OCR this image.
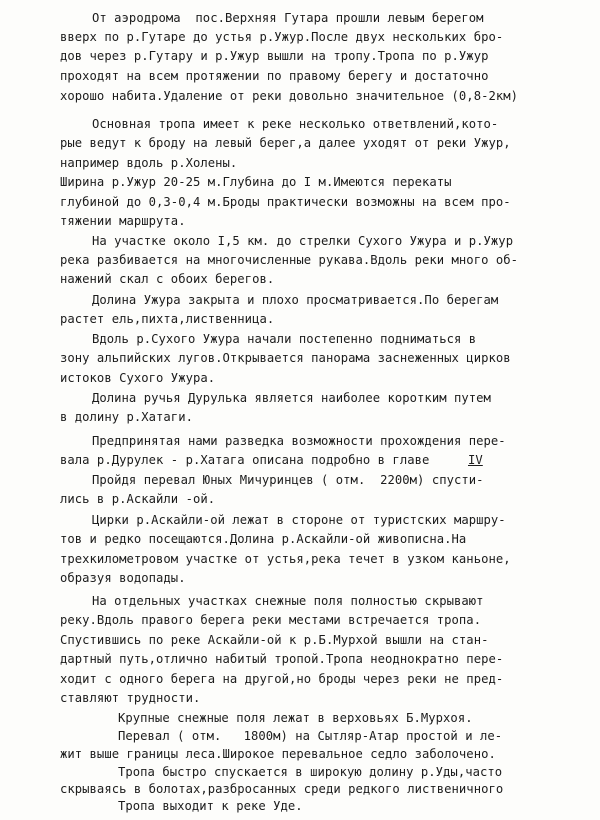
От аэродрома  пос.Верхняя Гутара прошли левым берегом
вверх по р.Гутаре до устья р.Ужур.После двух нескольких бро-
дов через р.Гутару и р.Ужур вышли на тропу.Тропа по р.Ужур
проходят на всем протяжении по правому берегу и достаточно
хорошо набита.Удаление от реки довольно значительное (0,8-2км)
Основная тропа имеет к реке несколько ответвлений,кото-
рые ведут к броду на левый берег,а далее уходят от реки Ужур,
например вдоль р.Холены.
Ширина р.Ужур 20-25 м.Глубина до I м.Имеются перекаты
глубиной до 0,3-0,4 м.Броды практически возможны на всем про-
тяжении маршрута.
На участке около I,5 км. до стрелки Сухого Ужура и р.Ужур
река разбивается на многочисленные рукава.Вдоль реки много об-
нажений скал с обоих берегов.
Долина Ужура закрыта и плохо просматривается.По берегам
растет ель,пихта,лиственница.
Вдоль р.Сухого Ужура начали постепенно подниматься в
зону альпийских лугов.Открывается панорама заснеженных цирков
истоков Сухого Ужура.
Долина ручья Дурулька является наиболее коротким путем
в долину р.Хатаги.
Предпринятая нами разведка возможности прохождения пере-
вала р.Дурулек - р.Хатага описана подробно в главе	IV
Пройдя перевал Юных Мичуринцев ( отм.  2200м) спусти-
лись в р.Аскайли -ой.
Цирки р.Аскайли-ой лежат в стороне от туристских маршру-
тов и редко посещаются.Долина р.Аскайли-ой живописна.На
трехкилометровом участке от устья,река течет в узком каньоне,
образуя водопады.
На отдельных участках снежные поля полностью скрывают
реку.Вдоль правого берега реки местами встречается тропа.
Спустившись по реке Аскайли-ой к р.Б.Мурхой вышли на стан-
дартный путь,отлично набитый тропой.Тропа неоднократно пере-
ходит с одного берега на другой,но броды через реки не пред-
ставляют трудности.
Крупные снежные поля лежат в верховьях Б.Мурхоя.
Перевал ( отм.   1800м) на Сытляр-Атар простой и ле-
жит выше границы леса.Широкое перевальное седло заболочено.
Тропа быстро спускается в широкую долину р.Уды,часто
скрываясь в болотах,разбросанных среди редкого лиственичного
Тропа выходит к реке Уде.
